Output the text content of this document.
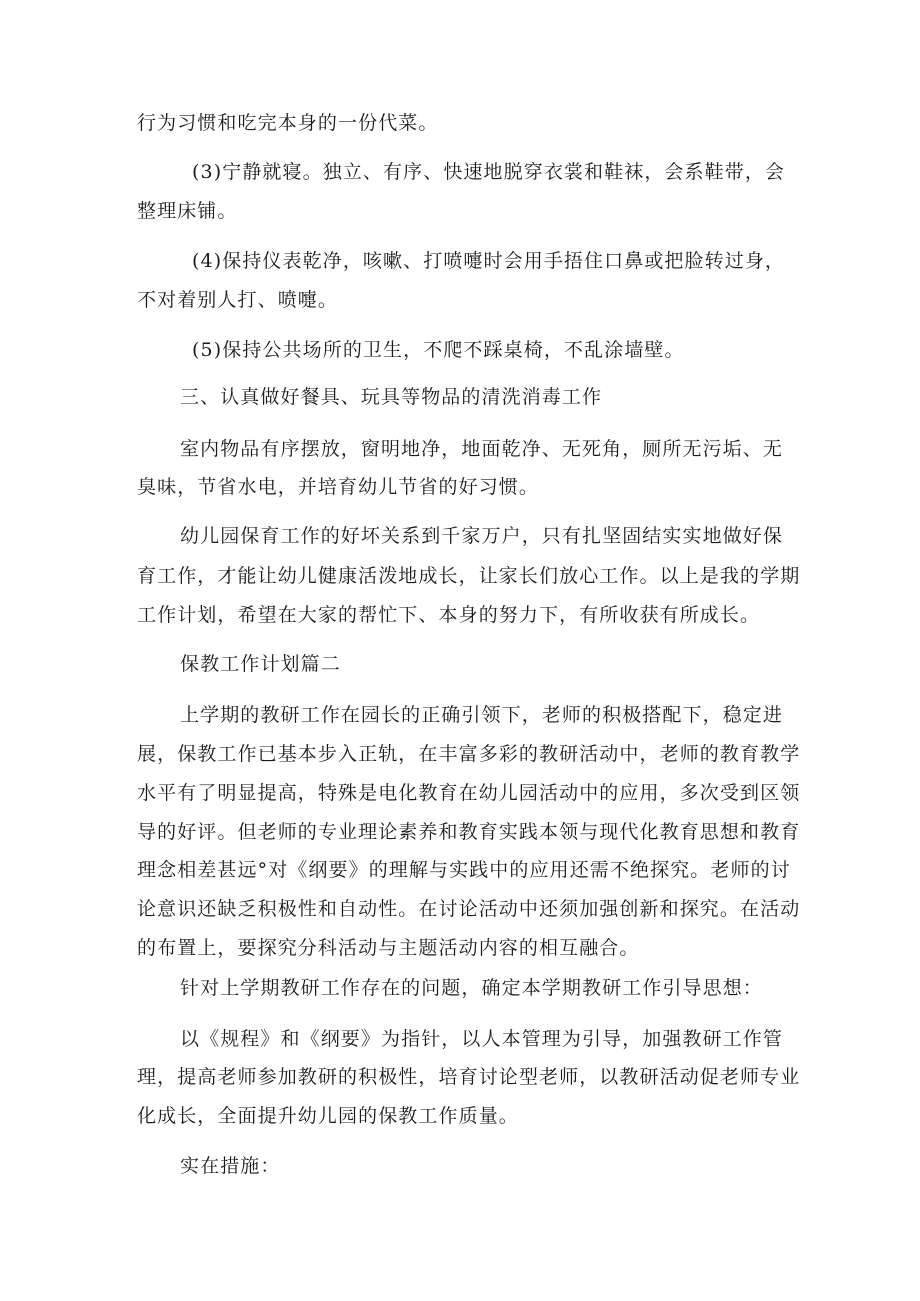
行为习惯和吃完本身的一份代菜。
(3)宁静就寝。独立、有序、快速地脱穿衣裳和鞋袜，会系鞋带，会
整理床铺。
(4)保持仪表乾净，咳嗽、打喷嚏时会用手捂住口鼻或把脸转过身，
不对着别人打、喷嚏。
(5)保持公共场所的卫生，不爬不踩桌椅，不乱涂墙壁。
三、认真做好餐具、玩具等物品的清洗消毒工作
室内物品有序摆放，窗明地净，地面乾净、无死角，厕所无污垢、无
臭味，节省水电，并培育幼儿节省的好习惯。
幼儿园保育工作的好坏关系到千家万户，只有扎坚固结实实地做好保
育工作，才能让幼儿健康活泼地成长，让家长们放心工作。以上是我的学期
工作计划，希望在大家的帮忙下、本身的努力下，有所收获有所成长。
保教工作计划篇二
上学期的教研工作在园长的正确引领下，老师的积极搭配下，稳定进
展，保教工作已基本步入正轨，在丰富多彩的教研活动中，老师的教育教学
水平有了明显提高，特殊是电化教育在幼儿园活动中的应用，多次受到区领
导的好评。但老师的专业理论素养和教育实践本领与现代化教育思想和教育
理念相差甚远°对《纲要》的理解与实践中的应用还需不绝探究。老师的讨
论意识还缺乏积极性和自动性。在讨论活动中还须加强创新和探究。在活动
的布置上，要探究分科活动与主题活动内容的相互融合。
针对上学期教研工作存在的问题，确定本学期教研工作引导思想：
以《规程》和《纲要》为指针，以人本管理为引导，加强教研工作管
理，提高老师参加教研的积极性，培育讨论型老师，以教研活动促老师专业
化成长，全面提升幼儿园的保教工作质量。
实在措施：
